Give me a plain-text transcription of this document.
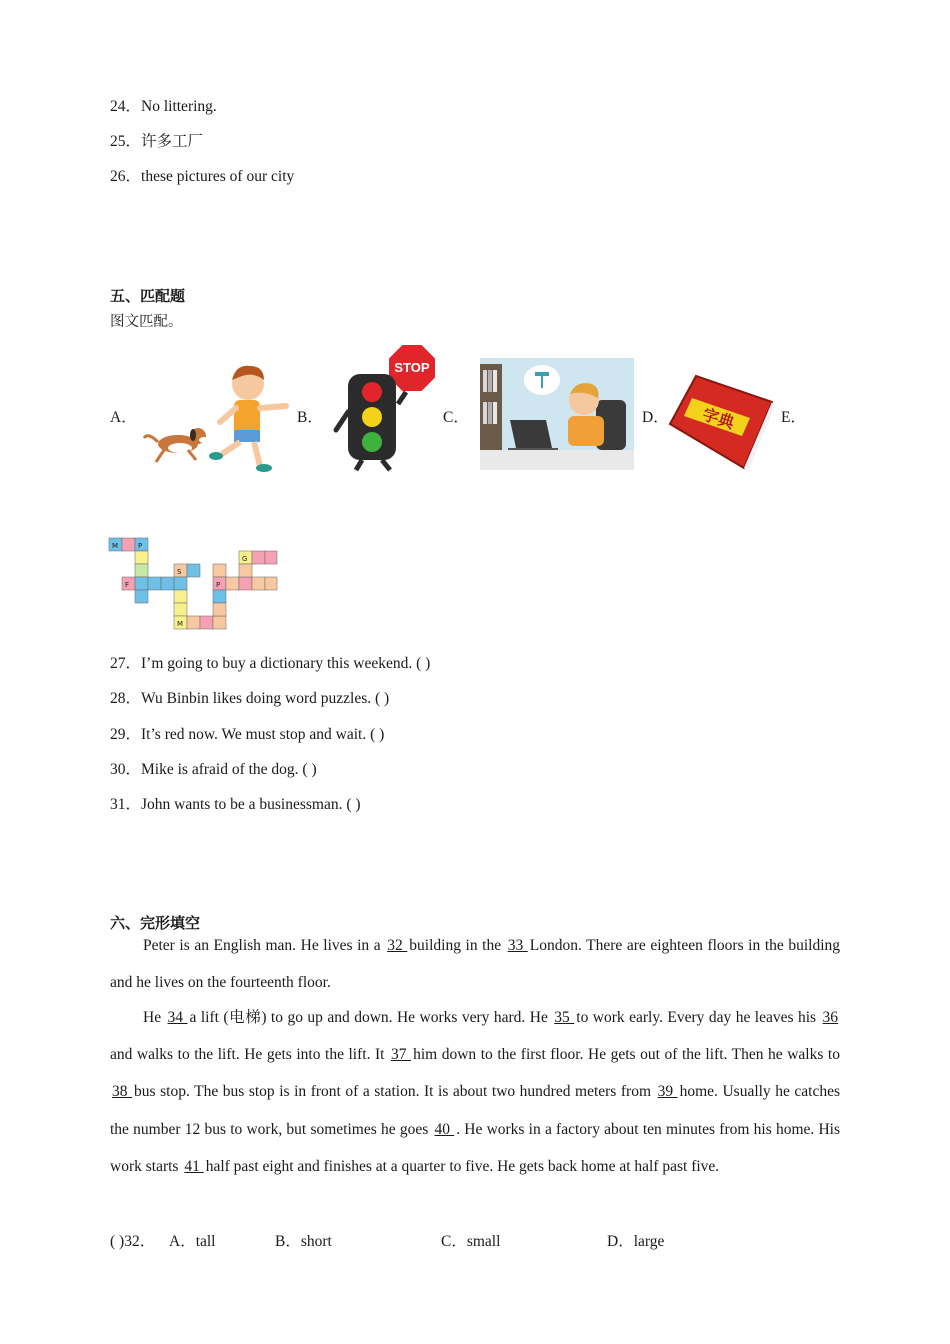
24．No littering.
25．许多工厂
26．these pictures of our city
五、匹配题
图文匹配。
A．	B．	C．	D．	E．
STOP
字典
M	P
F
S
P
G
M
27．I’m going to buy a dictionary this weekend. ( )
28．Wu Binbin likes doing word puzzles. ( )
29．It’s red now. We must stop and wait. ( )
30．Mike is afraid of the dog. ( )
31．John wants to be a businessman. ( )
六、完形填空
Peter is an English man. He lives in a 32 building in the 33 London. There are eighteen floors in the building and he lives on the fourteenth floor.
He 34 a lift (电梯) to go up and down. He works very hard. He 35 to work early. Every day he leaves his 36 and walks to the lift. He gets into the lift. It 37 him down to the first floor. He gets out of the lift. Then he walks to 38 bus stop. The bus stop is in front of a station. It is about two hundred meters from 39 home. Usually he catches the number 12 bus to work, but sometimes he goes 40 . He works in a factory about ten minutes from his home. His work starts 41 half past eight and finishes at a quarter to five. He gets back home at half past five.
( )32． A．tall	B．short	C．small	D．large
